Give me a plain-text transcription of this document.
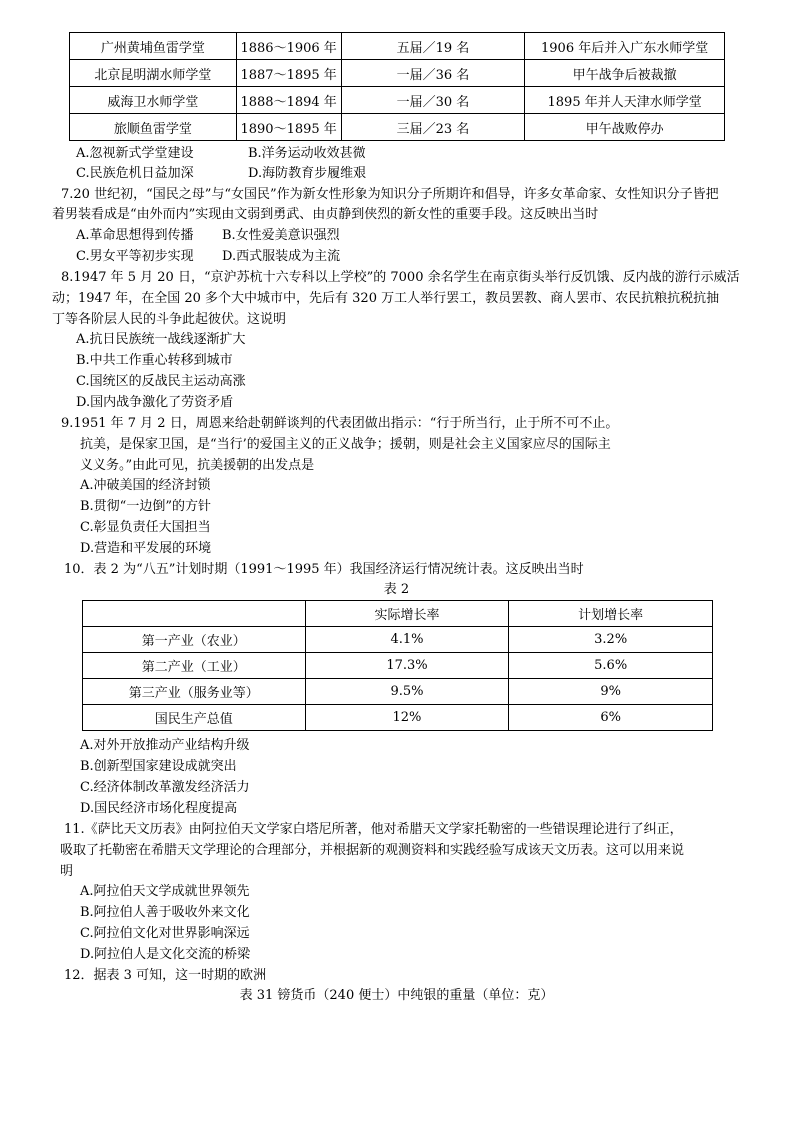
广州黄埔鱼雷学堂	1886～1906 年	五届／19 名	1906 年后并入广东水师学堂
北京昆明湖水师学堂	1887～1895 年	一届／36 名	甲午战争后被裁撤
威海卫水师学堂	1888～1894 年	一届／30 名	1895 年并人天津水师学堂
旅顺鱼雷学堂	1890～1895 年	三届／23 名	甲午战败停办
A.忽视新式学堂建设	B.洋务运动收效甚微
C.民族危机日益加深	D.海防教育步履维艰
7.20 世纪初，“国民之母”与“女国民”作为新女性形象为知识分子所期许和倡导，许多女革命家、女性知识分子皆把
着男装看成是“由外而内”实现由文弱到勇武、由贞静到侠烈的新女性的重要手段。这反映出当时
A.革命思想得到传播 B.女性爱美意识强烈
C.男女平等初步实现 D.西式服装成为主流
8.1947 年 5 月 20 日，“京沪苏杭十六专科以上学校”的 7000 余名学生在南京街头举行反饥饿、反内战的游行示威活
动；1947 年，在全国 20 多个大中城市中，先后有 320 万工人举行罢工，教员罢教、商人罢市、农民抗粮抗税抗抽
丁等各阶层人民的斗争此起彼伏。这说明
A.抗日民族统一战线逐渐扩大
B.中共工作重心转移到城市
C.国统区的反战民主运动高涨
D.国内战争激化了劳资矛盾
9.1951 年 7 月 2 日，周恩来给赴朝鲜谈判的代表团做出指示：“行于所当行，止于所不可不止。
抗美，是保家卫国，是“当行’的爱国主义的正义战争；援朝，则是社会主义国家应尽的国际主
义义务。”由此可见，抗美援朝的出发点是
A.冲破美国的经济封锁
B.贯彻“一边倒”的方针
C.彰显负责任大国担当
D.营造和平发展的环境
10．表 2 为“八五”计划时期（1991～1995 年）我国经济运行情况统计表。这反映出当时
表 2
	实际增长率	计划增长率
第一产业（农业）	4.1%	3.2%
第二产业（工业）	17.3%	5.6%
第三产业（服务业等）	9.5%	9%
国民生产总值	12%	6%
A.对外开放推动产业结构升级
B.创新型国家建设成就突出
C.经济体制改革激发经济活力
D.国民经济市场化程度提高
11.《萨比天文历表》由阿拉伯天文学家白塔尼所著，他对希腊天文学家托勒密的一些错误理论进行了纠正，
吸取了托勒密在希腊天文学理论的合理部分，并根据新的观测资料和实践经验写成该天文历表。这可以用来说
明
A.阿拉伯天文学成就世界领先
B.阿拉伯人善于吸收外来文化
C.阿拉伯文化对世界影响深远
D.阿拉伯人是文化交流的桥梁
12．据表 3 可知，这一时期的欧洲
表 31 镑货币（240 便士）中纯银的重量（单位：克）
